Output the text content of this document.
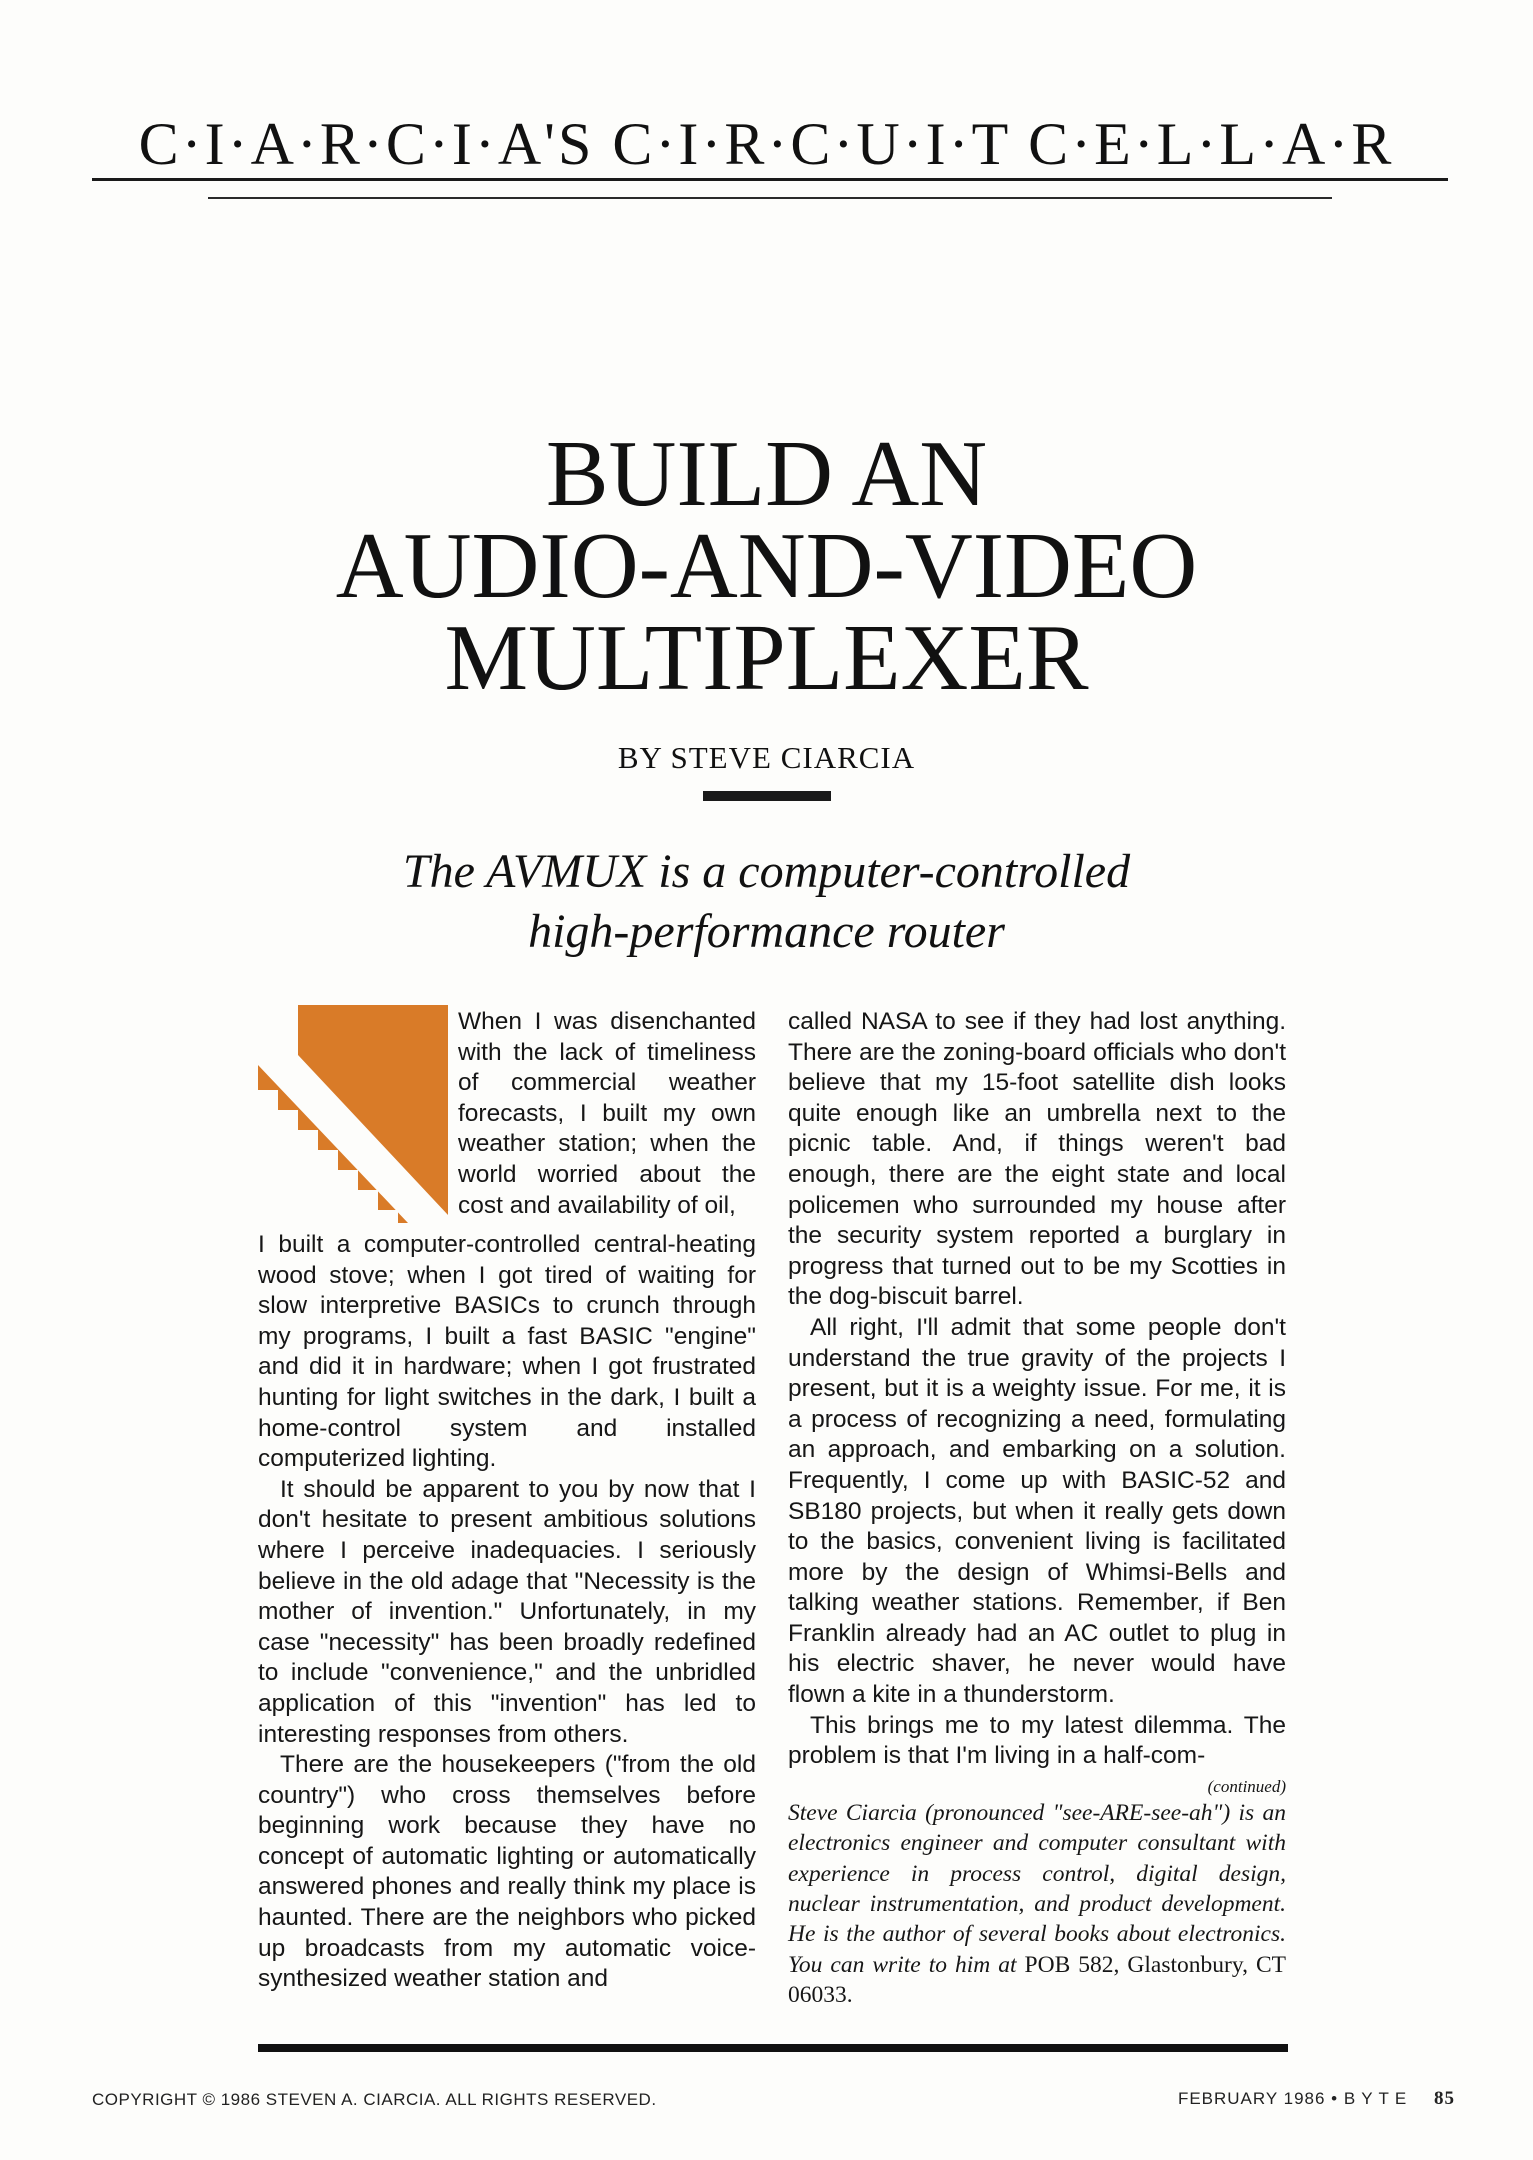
C·I·A·R·C·I·A'S C·I·R·C·U·I·T C·E·L·L·A·R
BUILD AN
AUDIO-AND-VIDEO
MULTIPLEXER
BY STEVE CIARCIA
The AVMUX is a computer-controlled
high-performance router

When I was disenchanted with the lack of timeliness of commercial weather forecasts, I built my own weather station; when the world worried about the cost and availability of oil,

I built a computer-controlled central-heating wood stove; when I got tired of waiting for slow interpretive BASICs to crunch through my programs, I built a fast BASIC "engine" and did it in hardware; when I got frustrated hunting for light switches in the dark, I built a home-control system and installed computerized lighting.

It should be apparent to you by now that I don't hesitate to present ambitious solutions where I perceive inadequacies. I seriously believe in the old adage that "Necessity is the mother of invention." Unfortunately, in my case "necessity" has been broadly redefined to include "convenience," and the unbridled application of this "invention" has led to interesting responses from others.

There are the housekeepers ("from the old country") who cross themselves before beginning work because they have no concept of automatic lighting or automatically answered phones and really think my place is haunted. There are the neighbors who picked up broadcasts from my automatic voice-synthesized weather station and

called NASA to see if they had lost anything. There are the zoning-board officials who don't believe that my 15-foot satellite dish looks quite enough like an umbrella next to the picnic table. And, if things weren't bad enough, there are the eight state and local policemen who surrounded my house after the security system reported a burglary in progress that turned out to be my Scotties in the dog-biscuit barrel.

All right, I'll admit that some people don't understand the true gravity of the projects I present, but it is a weighty issue. For me, it is a process of recognizing a need, formulating an approach, and embarking on a solution. Frequently, I come up with BASIC-52 and SB180 projects, but when it really gets down to the basics, convenient living is facilitated more by the design of Whimsi-Bells and talking weather stations. Remember, if Ben Franklin already had an AC outlet to plug in his electric shaver, he never would have flown a kite in a thunderstorm.

This brings me to my latest dilemma. The problem is that I'm living in a half-com-

(continued)

Steve Ciarcia (pronounced "see-ARE-see-ah") is an electronics engineer and computer consultant with experience in process control, digital design, nuclear instrumentation, and product development. He is the author of several books about electronics. You can write to him at POB 582, Glastonbury, CT 06033.

COPYRIGHT © 1986 STEVEN A. CIARCIA. ALL RIGHTS RESERVED.	FEBRUARY 1986 • BYTE 85
